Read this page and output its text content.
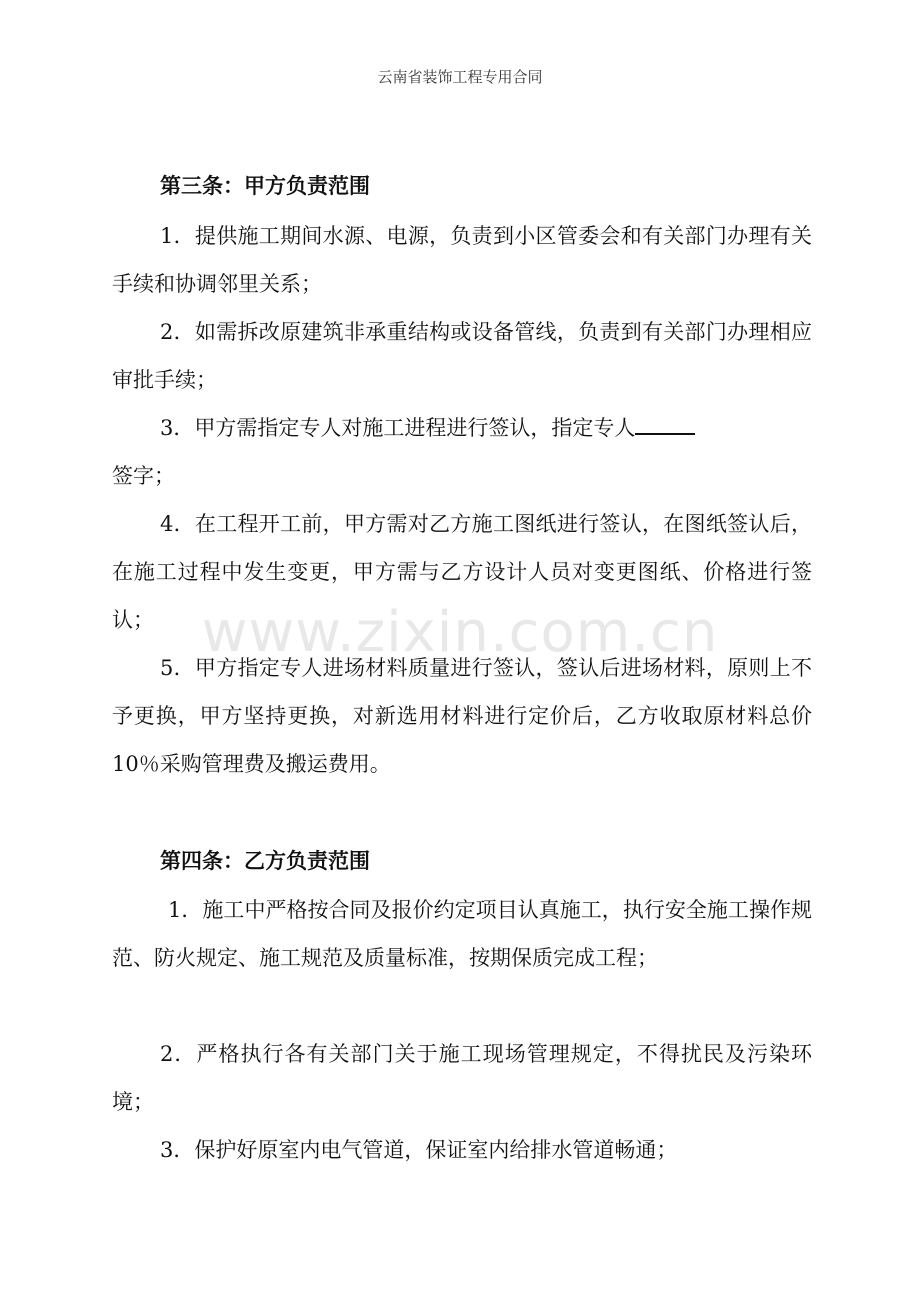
云南省装饰工程专用合同
www.zixin.com.cn
第三条：甲方负责范围

1．提供施工期间水源、电源，负责到小区管委会和有关部门办理有关手续和协调邻里关系；

2．如需拆改原建筑非承重结构或设备管线，负责到有关部门办理相应审批手续；

3．甲方需指定专人对施工进程进行签认，指定专人

签字；

4．在工程开工前，甲方需对乙方施工图纸进行签认，在图纸签认后，在施工过程中发生变更，甲方需与乙方设计人员对变更图纸、价格进行签认；

5．甲方指定专人进场材料质量进行签认，签认后进场材料，原则上不予更换，甲方坚持更换，对新选用材料进行定价后，乙方收取原材料总价 10％采购管理费及搬运费用。

第四条：乙方负责范围

1．施工中严格按合同及报价约定项目认真施工，执行安全施工操作规范、防火规定、施工规范及质量标准，按期保质完成工程；

2．严格执行各有关部门关于施工现场管理规定，不得扰民及污染环境；

3．保护好原室内电气管道，保证室内给排水管道畅通；
